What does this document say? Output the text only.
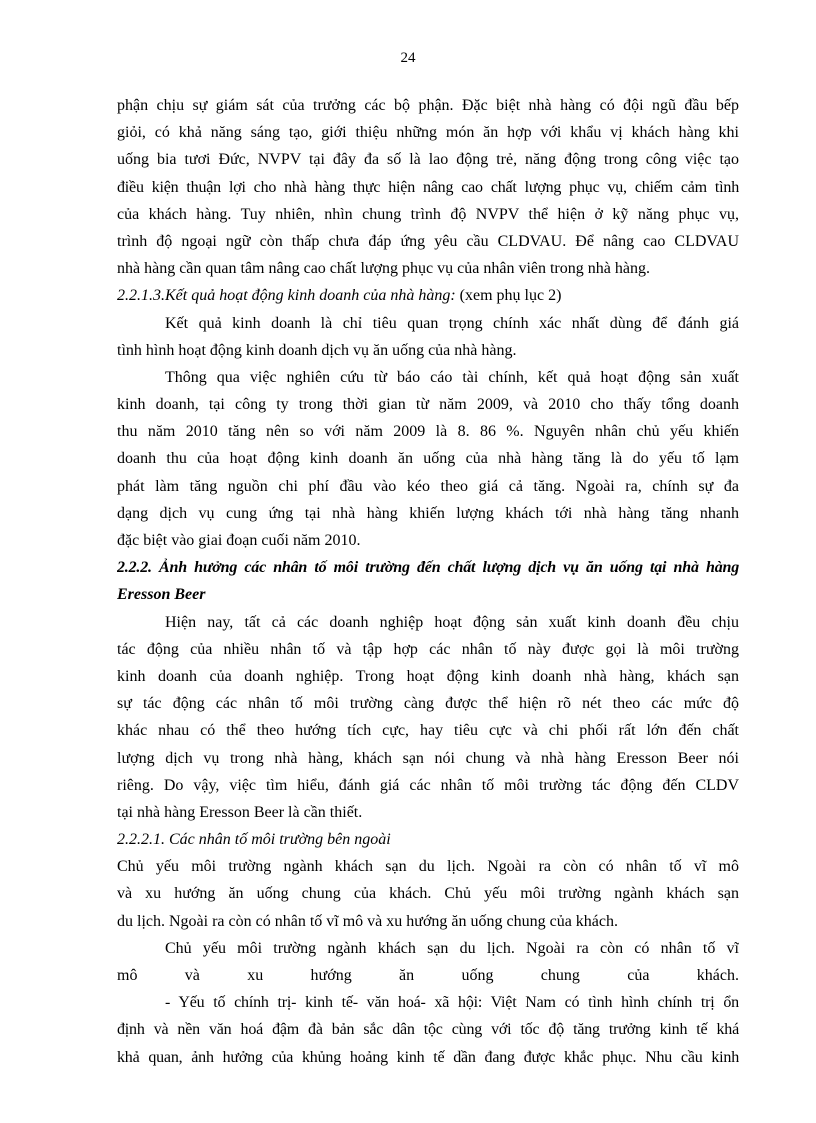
24
phận chịu sự giám sát của trưởng các bộ phận. Đặc biệt nhà hàng có đội ngũ đầu bếp
giỏi, có khả năng sáng tạo, giới thiệu những món ăn hợp với khẩu vị khách hàng khi
uống bia tươi Đức, NVPV tại đây đa số là lao động trẻ, năng động trong công việc tạo
điều kiện thuận lợi cho nhà hàng thực hiện nâng cao chất lượng phục vụ, chiếm cảm tình
của khách hàng. Tuy nhiên, nhìn chung trình độ NVPV thể hiện ở kỹ năng phục vụ,
trình độ ngoại ngữ còn thấp chưa đáp ứng yêu cầu CLDVAU. Để nâng cao CLDVAU
nhà hàng cần quan tâm nâng cao chất lượng phục vụ của nhân viên trong nhà hàng.
2.2.1.3.Kết quả hoạt động kinh doanh của nhà hàng: (xem phụ lục 2)
Kết quả kinh doanh là chỉ tiêu quan trọng chính xác nhất dùng để đánh giá
tình hình hoạt động kinh doanh dịch vụ ăn uống của nhà hàng.
Thông qua việc nghiên cứu từ báo cáo tài chính, kết quả hoạt động sản xuất
kinh doanh, tại công ty trong thời gian từ năm 2009, và 2010 cho thấy tổng doanh
thu năm 2010 tăng nên so với năm 2009 là 8. 86 %. Nguyên nhân chủ yếu khiến
doanh thu của hoạt động kinh doanh ăn uống của nhà hàng tăng là do yếu tố lạm
phát làm tăng nguồn chi phí đầu vào kéo theo giá cả tăng. Ngoài ra, chính sự đa
dạng dịch vụ cung ứng tại nhà hàng khiến lượng khách tới nhà hàng tăng nhanh
đặc biệt vào giai đoạn cuối năm 2010.
2.2.2. Ảnh hưởng các nhân tố môi trường đến chất lượng dịch vụ ăn uống tại nhà hàng
Eresson Beer
Hiện nay, tất cả các doanh nghiệp hoạt động sản xuất kinh doanh đều chịu
tác động của nhiều nhân tố và tập hợp các nhân tố này được gọi là môi trường
kinh doanh của doanh nghiệp. Trong hoạt động kinh doanh nhà hàng, khách sạn
sự tác động các nhân tố môi trường càng được thể hiện rõ nét theo các mức độ
khác nhau có thể theo hướng tích cực, hay tiêu cực và chi phối rất lớn đến chất
lượng dịch vụ trong nhà hàng, khách sạn nói chung và nhà hàng Eresson Beer nói
riêng. Do vậy, việc tìm hiểu, đánh giá các nhân tố môi trường tác động đến CLDV
tại nhà hàng Eresson Beer là cần thiết.
2.2.2.1. Các nhân tố môi trường bên ngoài
Chủ yếu môi trường ngành khách sạn du lịch. Ngoài ra còn có nhân tố vĩ mô
và xu hướng ăn uống chung của khách. Chủ yếu môi trường ngành khách sạn
du lịch. Ngoài ra còn có nhân tố vĩ mô và xu hướng ăn uống chung của khách.
Chủ yếu môi trường ngành khách sạn du lịch. Ngoài ra còn có nhân tố vĩ
mô và xu hướng ăn uống chung của khách.
- Yếu tố chính trị- kinh tế- văn hoá- xã hội: Việt Nam có tình hình chính trị ổn
định và nền văn hoá đậm đà bản sắc dân tộc cùng với tốc độ tăng trưởng kinh tế khá
khả quan, ảnh hưởng của khủng hoảng kinh tế dần đang được khắc phục. Nhu cầu kinh
